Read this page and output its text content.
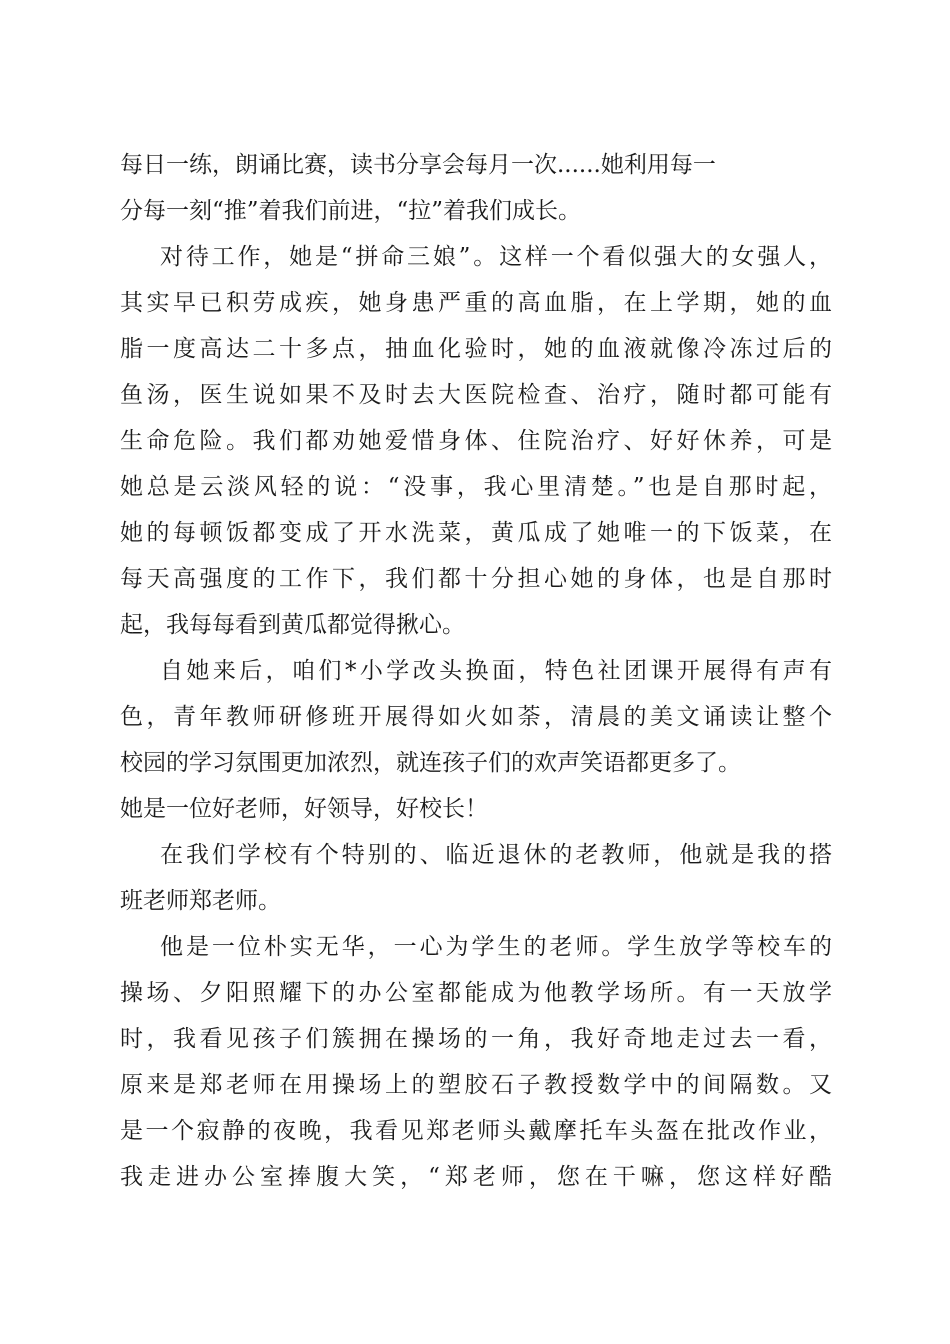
每日一练，朗诵比赛，读书分享会每月一次......她利用每一
分每一刻“推”着我们前进，“拉”着我们成长。
对待工作，她是“拼命三娘”。这样一个看似强大的女强人，
其实早已积劳成疾，她身患严重的高血脂，在上学期，她的血
脂一度高达二十多点，抽血化验时，她的血液就像冷冻过后的
鱼汤，医生说如果不及时去大医院检查、治疗，随时都可能有
生命危险。我们都劝她爱惜身体、住院治疗、好好休养，可是
她总是云淡风轻的说：“没事，我心里清楚。”也是自那时起，
她的每顿饭都变成了开水洗菜，黄瓜成了她唯一的下饭菜，在
每天高强度的工作下，我们都十分担心她的身体，也是自那时
起，我每每看到黄瓜都觉得揪心。
自她来后，咱们*小学改头换面，特色社团课开展得有声有
色，青年教师研修班开展得如火如荼，清晨的美文诵读让整个
校园的学习氛围更加浓烈，就连孩子们的欢声笑语都更多了。
她是一位好老师，好领导，好校长！
在我们学校有个特别的、临近退休的老教师，他就是我的搭
班老师郑老师。
他是一位朴实无华，一心为学生的老师。学生放学等校车的
操场、夕阳照耀下的办公室都能成为他教学场所。有一天放学
时，我看见孩子们簇拥在操场的一角，我好奇地走过去一看，
原来是郑老师在用操场上的塑胶石子教授数学中的间隔数。又
是一个寂静的夜晚，我看见郑老师头戴摩托车头盔在批改作业，
我走进办公室捧腹大笑，“郑老师，您在干嘛，您这样好酷
